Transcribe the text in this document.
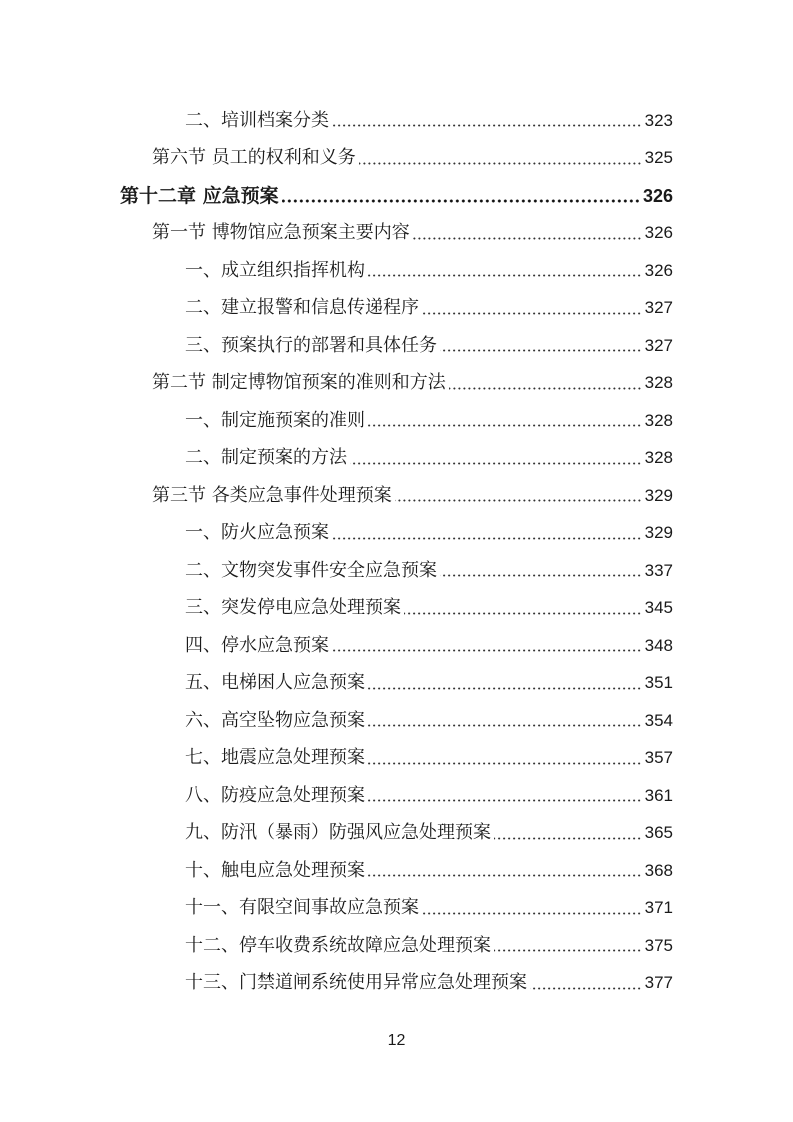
二、培训档案分类	323
第六节 员工的权利和义务	325
第十二章 应急预案	326
第一节 博物馆应急预案主要内容	326
一、成立组织指挥机构	326
二、建立报警和信息传递程序	327
三、预案执行的部署和具体任务	327
第二节 制定博物馆预案的准则和方法	328
一、制定施预案的准则	328
二、制定预案的方法	328
第三节 各类应急事件处理预案	329
一、防火应急预案	329
二、文物突发事件安全应急预案	337
三、突发停电应急处理预案	345
四、停水应急预案	348
五、电梯困人应急预案	351
六、高空坠物应急预案	354
七、地震应急处理预案	357
八、防疫应急处理预案	361
九、防汛（暴雨）防强风应急处理预案	365
十、触电应急处理预案	368
十一、有限空间事故应急预案	371
十二、停车收费系统故障应急处理预案	375
十三、门禁道闸系统使用异常应急处理预案	377
12
